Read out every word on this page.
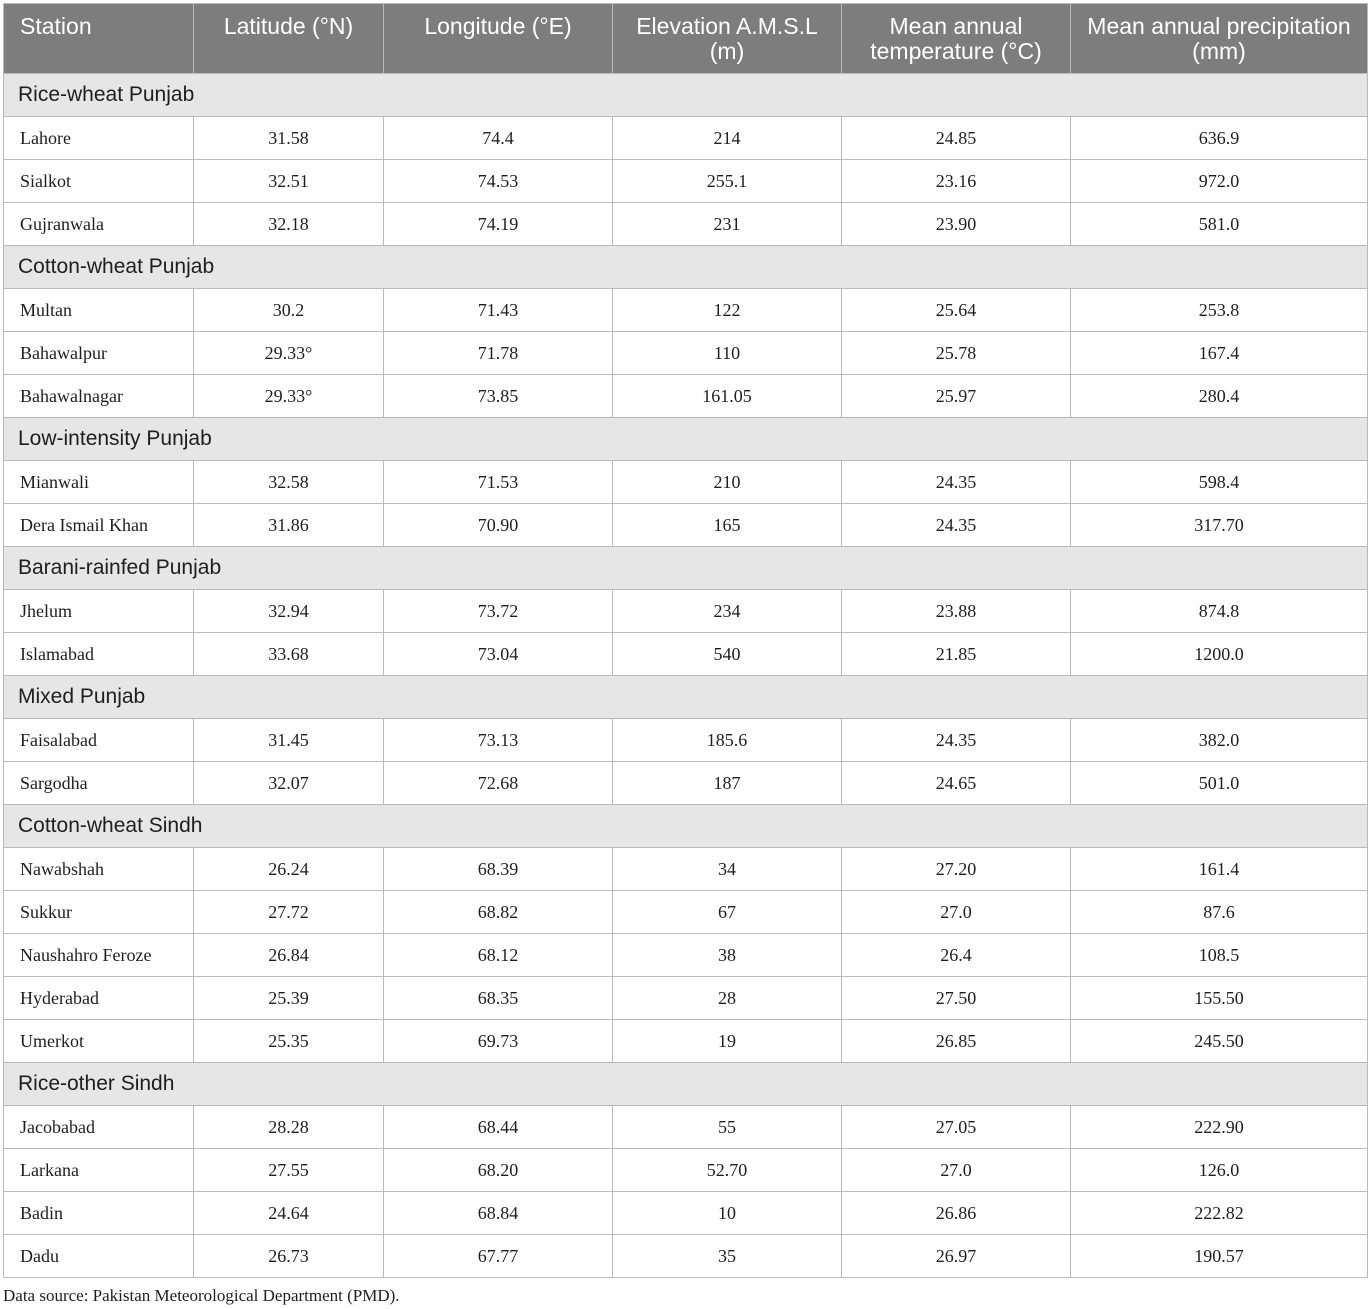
Station	Latitude (°N)	Longitude (°E)	Elevation A.M.S.L (m)	Mean annual temperature (°C)	Mean annual precipitation (mm)
Rice-wheat Punjab					
Lahore	31.58	74.4	214	24.85	636.9
Sialkot	32.51	74.53	255.1	23.16	972.0
Gujranwala	32.18	74.19	231	23.90	581.0
Cotton-wheat Punjab					
Multan	30.2	71.43	122	25.64	253.8
Bahawalpur	29.33°	71.78	110	25.78	167.4
Bahawalnagar	29.33°	73.85	161.05	25.97	280.4
Low-intensity Punjab					
Mianwali	32.58	71.53	210	24.35	598.4
Dera Ismail Khan	31.86	70.90	165	24.35	317.70
Barani-rainfed Punjab					
Jhelum	32.94	73.72	234	23.88	874.8
Islamabad	33.68	73.04	540	21.85	1200.0
Mixed Punjab					
Faisalabad	31.45	73.13	185.6	24.35	382.0
Sargodha	32.07	72.68	187	24.65	501.0
Cotton-wheat Sindh					
Nawabshah	26.24	68.39	34	27.20	161.4
Sukkur	27.72	68.82	67	27.0	87.6
Naushahro Feroze	26.84	68.12	38	26.4	108.5
Hyderabad	25.39	68.35	28	27.50	155.50
Umerkot	25.35	69.73	19	26.85	245.50
Rice-other Sindh					
Jacobabad	28.28	68.44	55	27.05	222.90
Larkana	27.55	68.20	52.70	27.0	126.0
Badin	24.64	68.84	10	26.86	222.82
Dadu	26.73	67.77	35	26.97	190.57
Data source: Pakistan Meteorological Department (PMD).
